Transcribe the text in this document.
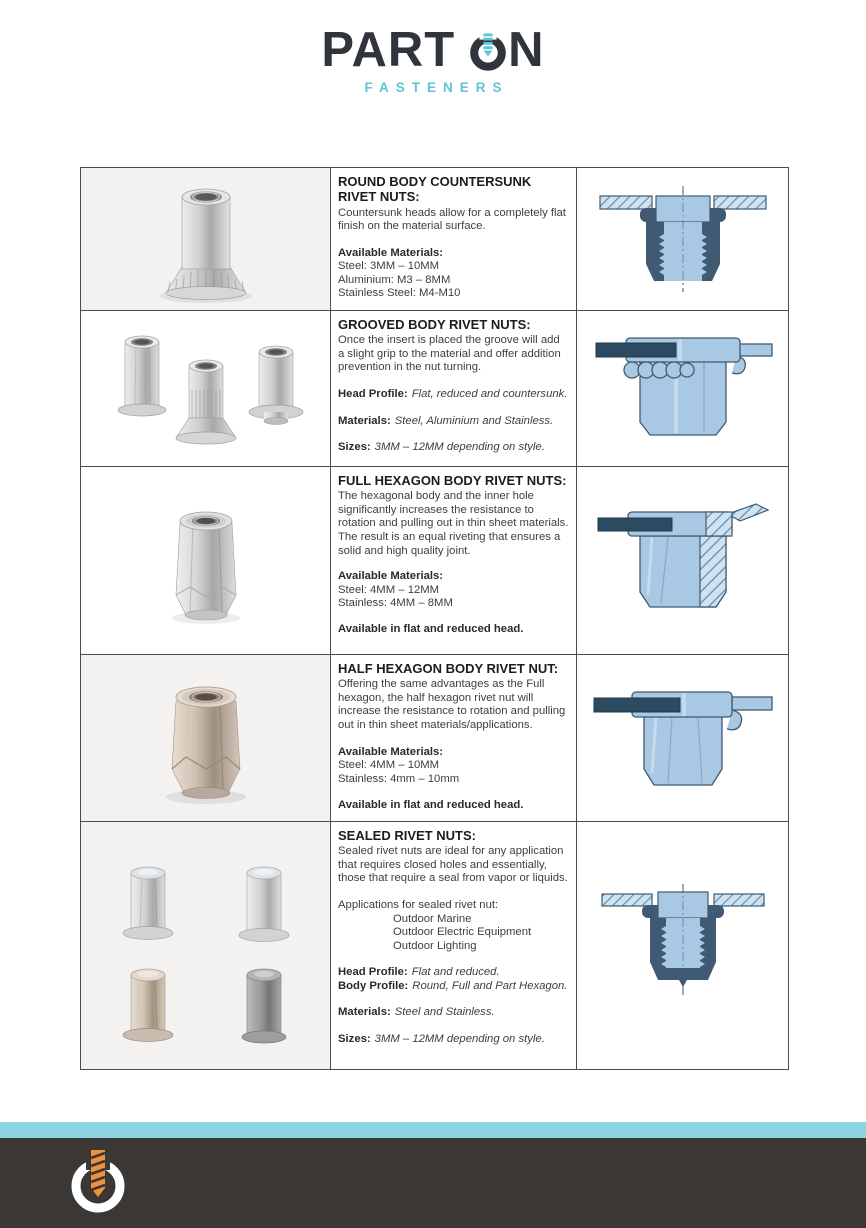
PART N
FASTENERS
ROUND BODY COUNTERSUNK RIVET NUTS:

Countersunk heads allow for a completely flat finish on the material surface.

Available Materials:
Steel: 3MM – 10MM
Aluminium: M3 – 8MM
Stainless Steel: M4-M10
GROOVED BODY RIVET NUTS:

Once the insert is placed the groove will add a slight grip to the material and offer addition prevention in the nut turning.

Head Profile: Flat, reduced and countersunk.
Materials: Steel, Aluminium and Stainless.
Sizes: 3MM – 12MM depending on style.
FULL HEXAGON BODY RIVET NUTS:

The hexagonal body and the inner hole significantly increases the resistance to rotation and pulling out in thin sheet materials. The result is an equal riveting that ensures a solid and high quality joint.

Available Materials:
Steel: 4MM – 12MM
Stainless: 4MM – 8MM
Available in flat and reduced head.
HALF HEXAGON BODY RIVET NUT:

Offering the same advantages as the Full hexagon, the half hexagon rivet nut will increase the resistance to rotation and pulling out in thin sheet materials/applications.

Available Materials:
Steel: 4MM – 10MM
Stainless: 4mm – 10mm
Available in flat and reduced head.
SEALED RIVET NUTS:

Sealed rivet nuts are ideal for any application that requires closed holes and essentially, those that require a seal from vapor or liquids.

Applications for sealed rivet nut:
Outdoor Marine
Outdoor Electric Equipment
Outdoor Lighting
Head Profile: Flat and reduced.
Body Profile: Round, Full and Part Hexagon.
Materials: Steel and Stainless.
Sizes: 3MM – 12MM depending on style.
